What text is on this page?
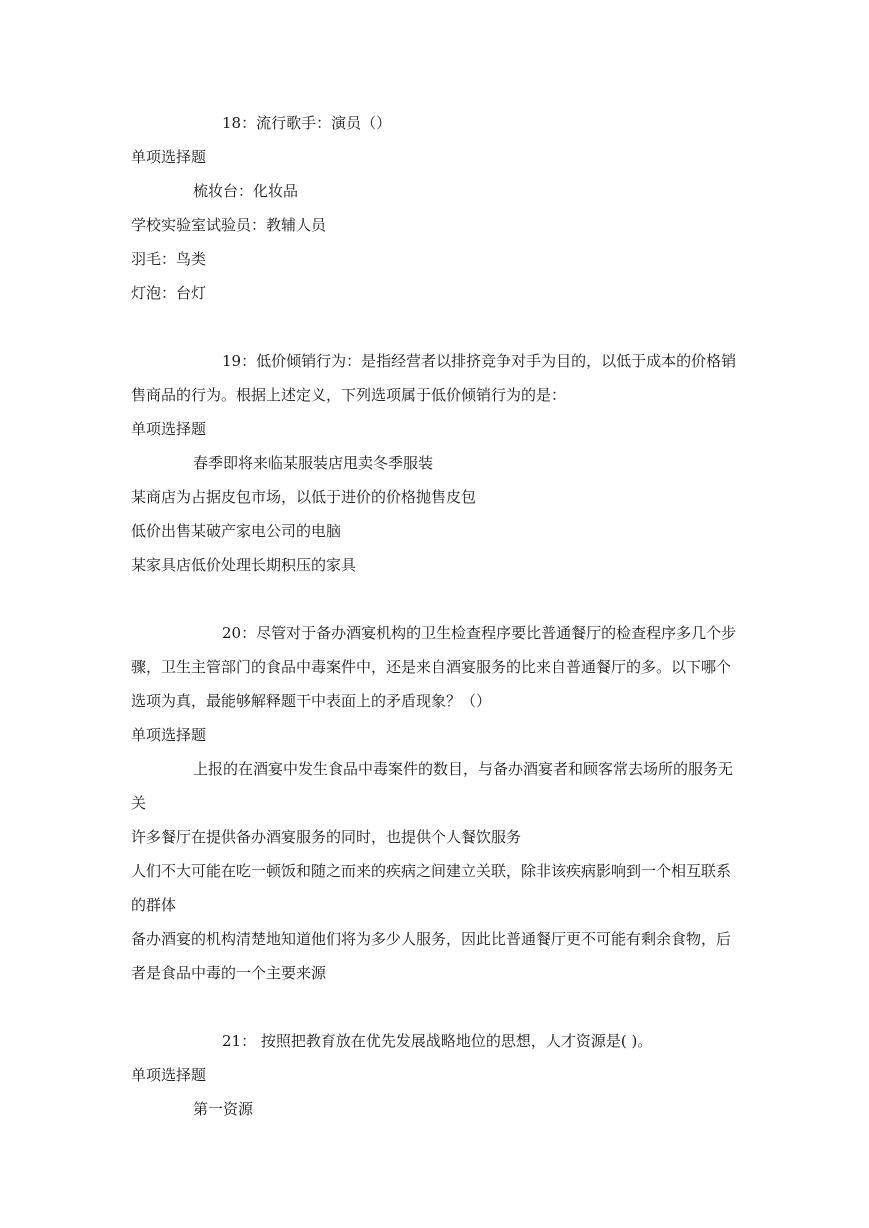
18：流行歌手：演员（）
单项选择题
梳妆台：化妆品
学校实验室试验员：教辅人员
羽毛：鸟类
灯泡：台灯
19：低价倾销行为：是指经营者以排挤竞争对手为目的，以低于成本的价格销
售商品的行为。根据上述定义，下列选项属于低价倾销行为的是：
单项选择题
春季即将来临某服装店甩卖冬季服装
某商店为占据皮包市场，以低于进价的价格抛售皮包
低价出售某破产家电公司的电脑
某家具店低价处理长期积压的家具
20：尽管对于备办酒宴机构的卫生检查程序要比普通餐厅的检查程序多几个步
骤，卫生主管部门的食品中毒案件中，还是来自酒宴服务的比来自普通餐厅的多。以下哪个
选项为真，最能够解释题干中表面上的矛盾现象？（）
单项选择题
上报的在酒宴中发生食品中毒案件的数目，与备办酒宴者和顾客常去场所的服务无
关
许多餐厅在提供备办酒宴服务的同时，也提供个人餐饮服务
人们不大可能在吃一顿饭和随之而来的疾病之间建立关联，除非该疾病影响到一个相互联系
的群体
备办酒宴的机构清楚地知道他们将为多少人服务，因此比普通餐厅更不可能有剩余食物，后
者是食品中毒的一个主要来源
21： 按照把教育放在优先发展战略地位的思想，人才资源是( )。
单项选择题
第一资源
